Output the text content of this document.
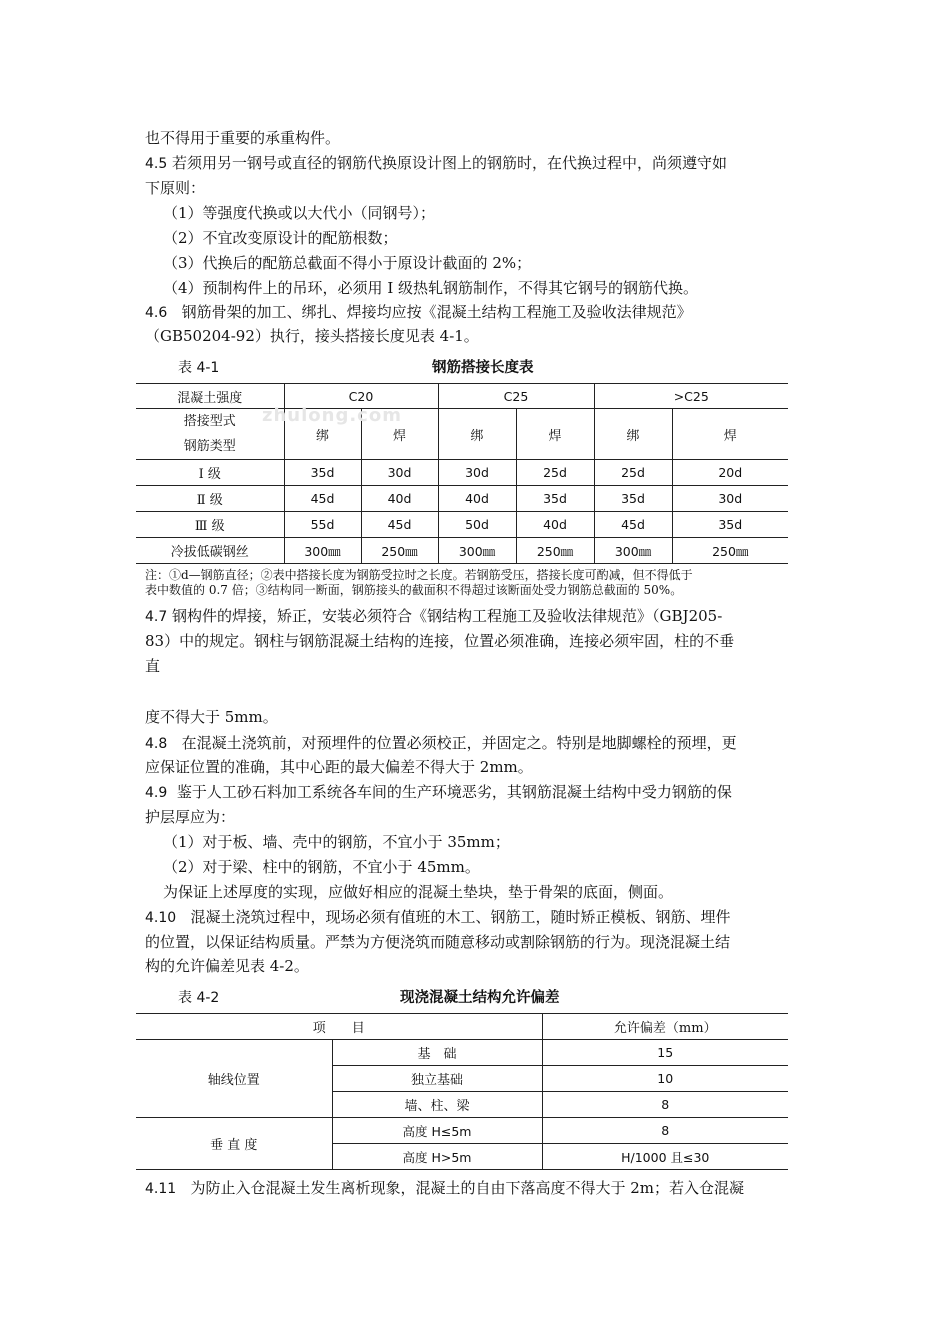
也不得用于重要的承重构件。
4.5 若须用另一钢号或直径的钢筋代换原设计图上的钢筋时，在代换过程中，尚须遵守如
下原则：
（1）等强度代换或以大代小（同钢号）；
（2）不宜改变原设计的配筋根数；
（3）代换后的配筋总截面不得小于原设计截面的 2%；
（4）预制构件上的吊环，必须用 I 级热轧钢筋制作，不得其它钢号的钢筋代换。
4.6 钢筋骨架的加工、绑扎、焊接均应按《混凝土结构工程施工及验收法律规范》
（GB50204-92）执行，接头搭接长度见表 4-1。
表 4-1	钢筋搭接长度表
混凝土强度	C20		C25		>C25	

搭接型式
钢筋类型	绑	焊	绑	焊	绑	焊
Ⅰ 级	35d	30d	30d	25d	25d	20d
Ⅱ 级	45d	40d	40d	35d	35d	30d
Ⅲ 级	55d	45d	50d	40d	45d	35d
冷拔低碳钢丝	300㎜	250㎜	300㎜	250㎜	300㎜	250㎜
zhulong.com
注：①d—钢筋直径；②表中搭接长度为钢筋受拉时之长度。若钢筋受压，搭接长度可酌减，但不得低于
表中数值的 0.7 倍；③结构同一断面，钢筋接头的截面积不得超过该断面处受力钢筋总截面的 50%。
4.7 钢构件的焊接，矫正，安装必须符合《钢结构工程施工及验收法律规范》（GBJ205-
83）中的规定。钢柱与钢筋混凝土结构的连接，位置必须准确，连接必须牢固，柱的不垂
直
度不得大于 5mm。
4.8 在混凝土浇筑前，对预埋件的位置必须校正，并固定之。特别是地脚螺栓的预埋，更
应保证位置的准确，其中心距的最大偏差不得大于 2mm。
4.9 鉴于人工砂石料加工系统各车间的生产环境恶劣，其钢筋混凝土结构中受力钢筋的保
护层厚应为：
（1）对于板、墙、壳中的钢筋，不宜小于 35mm；
（2）对于梁、柱中的钢筋，不宜小于 45mm。
为保证上述厚度的实现，应做好相应的混凝土垫块，垫于骨架的底面，侧面。
4.10 混凝土浇筑过程中，现场必须有值班的木工、钢筋工，随时矫正模板、钢筋、埋件
的位置，以保证结构质量。严禁为方便浇筑而随意移动或割除钢筋的行为。现浇混凝土结
构的允许偏差见表 4-2。
表 4-2	现浇混凝土结构允许偏差
项　　目		允许偏差（mm）
轴线位置	基　础	15
	独立基础	10
	墙、柱、梁	8
垂 直 度	高度 H≤5m	8
	高度 H>5m	H/1000 且≤30
4.11 为防止入仓混凝土发生离析现象，混凝土的自由下落高度不得大于 2m；若入仓混凝
